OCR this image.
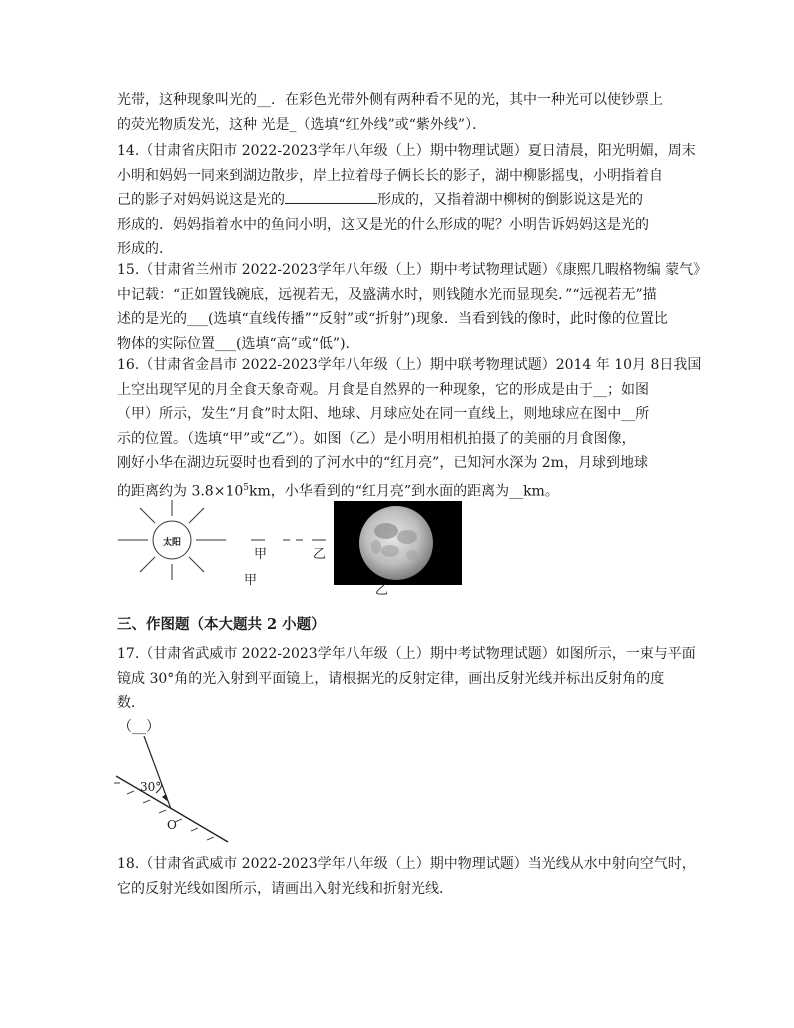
光带，这种现象叫光的__．在彩色光带外侧有两种看不见的光，其中一种光可以使钞票上
的荧光物质发光，这种 光是_（选填“红外线”或“紫外线”）．
14.（甘肃省庆阳市 2022-2023学年八年级（上）期中物理试题）夏日清晨，阳光明媚，周末
小明和妈妈一同来到湖边散步，岸上拉着母子俩长长的影子，湖中柳影摇曳，小明指着自
己的影子对妈妈说这是光的	形成的，又指着湖中柳树的倒影说这是光的
形成的．妈妈指着水中的鱼问小明，这又是光的什么形成的呢？小明告诉妈妈这是光的
形成的．
15.（甘肃省兰州市 2022-2023学年八年级（上）期中考试物理试题）《康熙几暇格物编 蒙气》
中记载：“正如置钱碗底，远视若无，及盛满水时，则钱随水光而显现矣．”“远视若无”描
述的是光的___(选填“直线传播”“反射”或“折射”)现象．当看到钱的像时，此时像的位置比
物体的实际位置___(选填“高”或“低”)．
16.（甘肃省金昌市 2022-2023学年八年级（上）期中联考物理试题）2014 年 10月 8日我国
上空出现罕见的月全食天象奇观。月食是自然界的一种现象，它的形成是由于__；如图
（甲）所示，发生“月食”时太阳、地球、月球应处在同一直线上，则地球应在图中__所
示的位置。（选填“甲”或“乙”）。如图（乙）是小明用相机拍摄了的美丽的月食图像，
刚好小华在湖边玩耍时也看到的了河水中的“红月亮”，已知河水深为 2m，月球到地球
的距离约为 $3.8\times 10^5km$，小华看到的“红月亮”到水面的距离为__km。
太阳
甲	乙
甲
乙
三、作图题（本大题共 2 小题）
17.（甘肃省武威市 2022-2023学年八年级（上）期中考试物理试题）如图所示，一束与平面
镜成 30°角的光入射到平面镜上，请根据光的反射定律，画出反射光线并标出反射角的度
数．
（__）
30°
O
18.（甘肃省武威市 2022-2023学年八年级（上）期中物理试题）当光线从水中射向空气时，
它的反射光线如图所示，请画出入射光线和折射光线．
